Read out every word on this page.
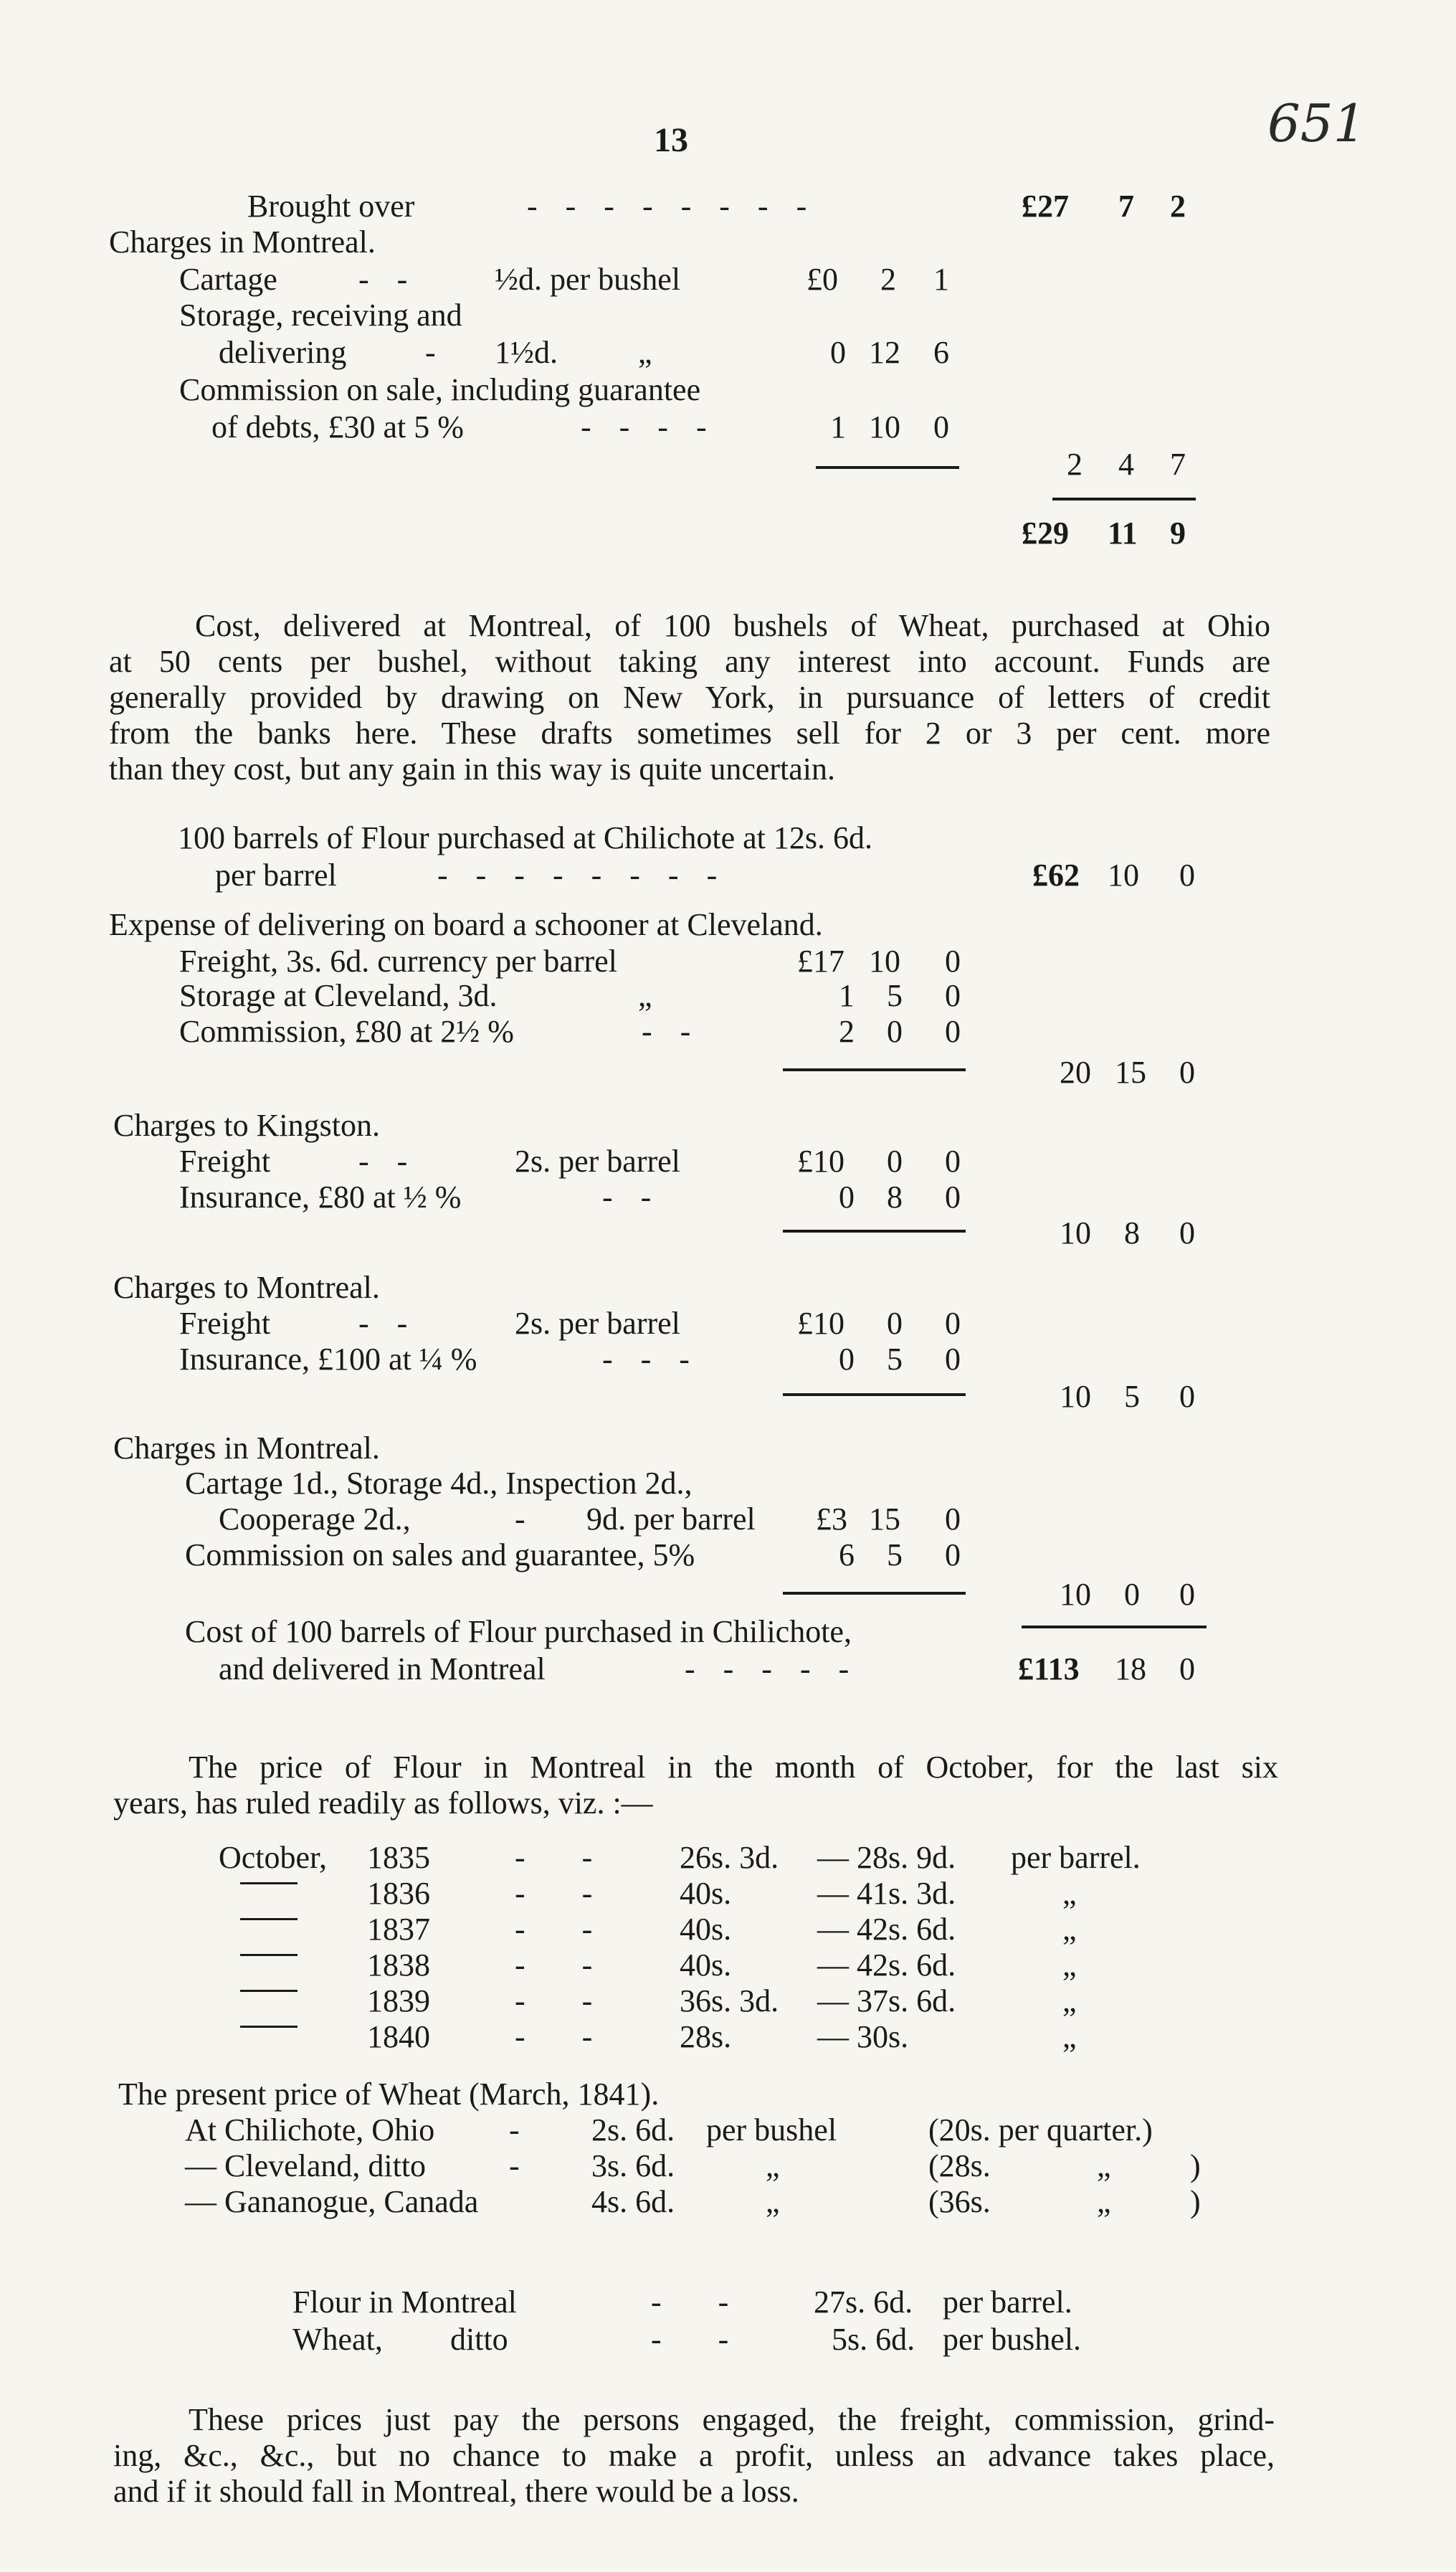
13	651
Brought over	- - - - - - - -	£27 7 2
Charges in Montreal.
Cartage	- - ½d. per bushel	£0 2 1
Storage, receiving and
delivering - 1½d.	„	0 12 6
Commission on sale, including guarantee
of debts, £30 at 5 %	- - - -	1 10 0
2 4 7
£29 11 9
Cost, delivered at Montreal, of 100 bushels of Wheat, purchased at Ohio
at 50 cents per bushel, without taking any interest into account. Funds are
generally provided by drawing on New York, in pursuance of letters of credit
from the banks here. These drafts sometimes sell for 2 or 3 per cent. more
than they cost, but any gain in this way is quite uncertain.
100 barrels of Flour purchased at Chilichote at 12s. 6d.
per barrel	- - - - - - - -	£62 10 0
Expense of delivering on board a schooner at Cleveland.
Freight, 3s. 6d. currency per barrel	£17 10 0
Storage at Cleveland, 3d.	„	1 5 0
Commission, £80 at 2½ %	- -	2 0 0
20 15 0
Charges to Kingston.
Freight	- -	2s. per barrel	£10 0 0
Insurance, £80 at ½ %	- -	0 8 0
10 8 0
Charges to Montreal.
Freight	- -	2s. per barrel	£10 0 0
Insurance, £100 at ¼ %	- - -	0 5 0
10 5 0
Charges in Montreal.
Cartage 1d., Storage 4d., Inspection 2d.,
Cooperage 2d.,	- 9d. per barrel £3 15 0
Commission on sales and guarantee, 5%	6 5 0
10 0 0
Cost of 100 barrels of Flour purchased in Chilichote,
and delivered in Montreal	- - - - -	£113 18 0
The price of Flour in Montreal in the month of October, for the last six
years, has ruled readily as follows, viz. :—
October, 1835	- - 26s. 3d. — 28s. 9d. per barrel.
1836	- - 40s.	— 41s. 3d.	„
1837	- - 40s.	— 42s. 6d.	„
1838	- - 40s.	— 42s. 6d.	„
1839	- - 36s. 3d. — 37s. 6d.	„
1840	- - 28s.	— 30s.	„
The present price of Wheat (March, 1841).
At Chilichote, Ohio - 2s. 6d. per bushel	(20s. per quarter.)
— Cleveland, ditto	- 3s. 6d.	„	(28s.	„	)
— Gananogue, Canada	4s. 6d.	„	(36s.	„	)
Flour in Montreal	- - 27s. 6d. per barrel.
Wheat, ditto	- - 5s. 6d. per bushel.
These prices just pay the persons engaged, the freight, commission, grind-
ing, &c., &c., but no chance to make a profit, unless an advance takes place,
and if it should fall in Montreal, there would be a loss.
